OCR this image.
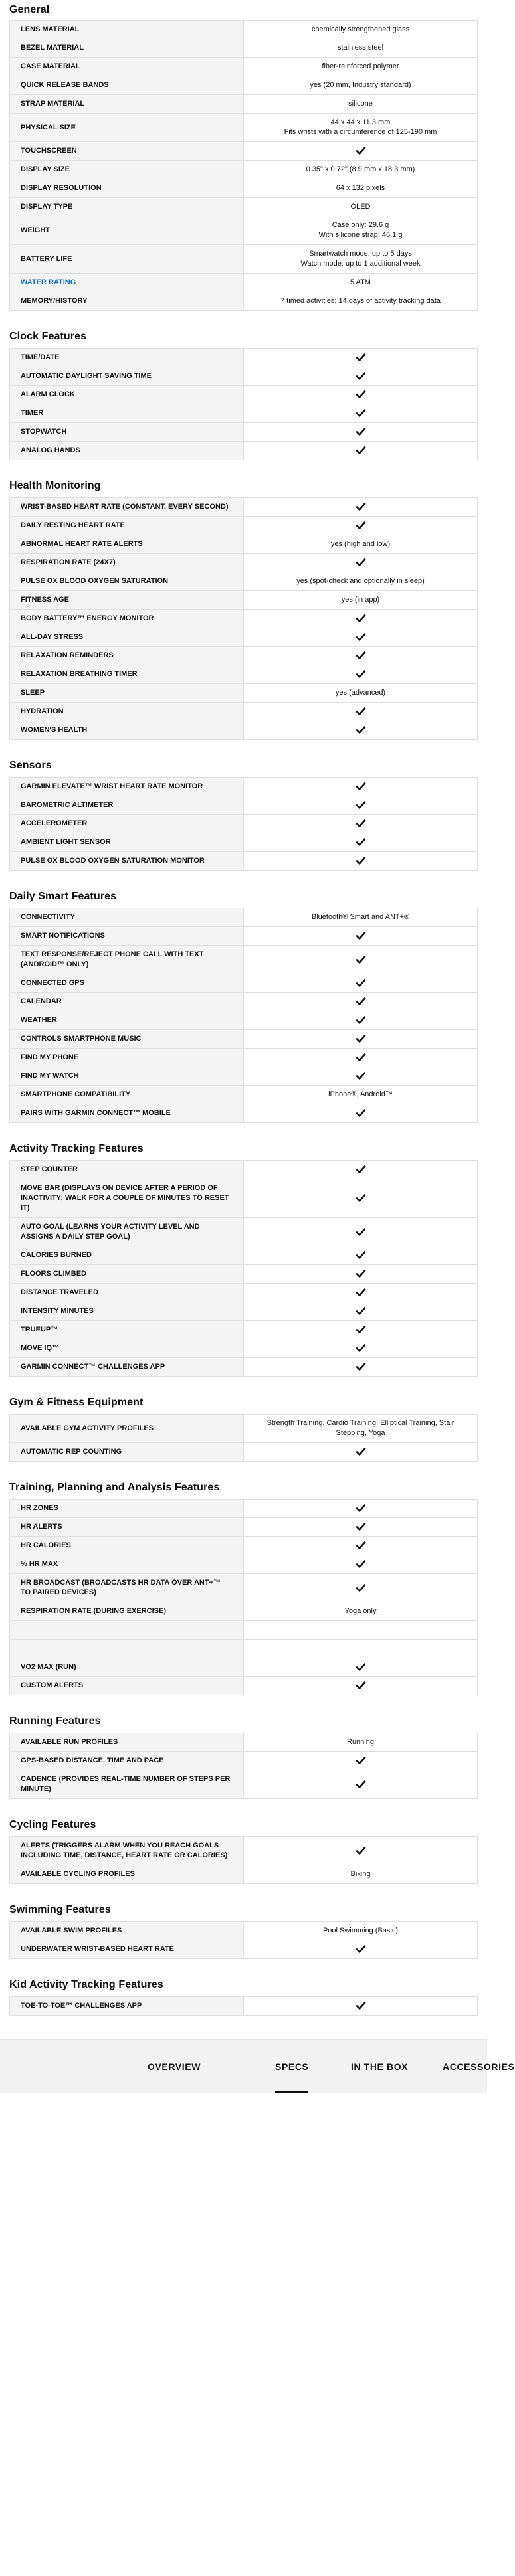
General
LENS MATERIAL	chemically strengthened glass
BEZEL MATERIAL	stainless steel
CASE MATERIAL	fiber-reinforced polymer
QUICK RELEASE BANDS	yes (20 mm, Industry standard)
STRAP MATERIAL	silicone
PHYSICAL SIZE	44 x 44 x 11.3 mm
Fits wrists with a circumference of 125-190 mm

TOUCHSCREEN	
DISPLAY SIZE	0.35" x 0.72" (8.9 mm x 18.3 mm)
DISPLAY RESOLUTION	64 x 132 pixels
DISPLAY TYPE	OLED
WEIGHT	Case only: 29.6 g
With silicone strap: 46.1 g

BATTERY LIFE	Smartwatch mode: up to 5 days
Watch mode: up to 1 additional week

WATER RATING	5 ATM
MEMORY/HISTORY	7 timed activities; 14 days of activity tracking data
Clock Features
TIME/DATE	
AUTOMATIC DAYLIGHT SAVING TIME	
ALARM CLOCK	
TIMER	
STOPWATCH	
ANALOG HANDS	
Health Monitoring
WRIST-BASED HEART RATE (CONSTANT, EVERY SECOND)	
DAILY RESTING HEART RATE	
ABNORMAL HEART RATE ALERTS	yes (high and low)
RESPIRATION RATE (24X7)	
PULSE OX BLOOD OXYGEN SATURATION	yes (spot-check and optionally in sleep)
FITNESS AGE	yes (in app)
BODY BATTERY™ ENERGY MONITOR	
ALL-DAY STRESS	
RELAXATION REMINDERS	
RELAXATION BREATHING TIMER	
SLEEP	yes (advanced)
HYDRATION	
WOMEN'S HEALTH	
Sensors
GARMIN ELEVATE™ WRIST HEART RATE MONITOR	
BAROMETRIC ALTIMETER	
ACCELEROMETER	
AMBIENT LIGHT SENSOR	
PULSE OX BLOOD OXYGEN SATURATION MONITOR	
Daily Smart Features
CONNECTIVITY	Bluetooth® Smart and ANT+®
SMART NOTIFICATIONS	
TEXT RESPONSE/REJECT PHONE CALL WITH TEXT (ANDROID™ ONLY)	
CONNECTED GPS	
CALENDAR	
WEATHER	
CONTROLS SMARTPHONE MUSIC	
FIND MY PHONE	
FIND MY WATCH	
SMARTPHONE COMPATIBILITY	iPhone®, Android™
PAIRS WITH GARMIN CONNECT™ MOBILE	
Activity Tracking Features
STEP COUNTER	
MOVE BAR (DISPLAYS ON DEVICE AFTER A PERIOD OF INACTIVITY; WALK FOR A COUPLE OF MINUTES TO RESET IT)	
AUTO GOAL (LEARNS YOUR ACTIVITY LEVEL AND ASSIGNS A DAILY STEP GOAL)	
CALORIES BURNED	
FLOORS CLIMBED	
DISTANCE TRAVELED	
INTENSITY MINUTES	
TRUEUP™	
MOVE IQ™	
GARMIN CONNECT™ CHALLENGES APP	
Gym & Fitness Equipment
AVAILABLE GYM ACTIVITY PROFILES	Strength Training, Cardio Training, Elliptical Training, Stair Stepping, Yoga
AUTOMATIC REP COUNTING	
Training, Planning and Analysis Features
HR ZONES	
HR ALERTS	
HR CALORIES	
% HR MAX	
HR BROADCAST (BROADCASTS HR DATA OVER ANT+™ TO PAIRED DEVICES)	
RESPIRATION RATE (DURING EXERCISE)	Yoga only

VO2 MAX (RUN)	
CUSTOM ALERTS	
Running Features
AVAILABLE RUN PROFILES	Running
GPS-BASED DISTANCE, TIME AND PACE	
CADENCE (PROVIDES REAL-TIME NUMBER OF STEPS PER MINUTE)	
Cycling Features
ALERTS (TRIGGERS ALARM WHEN YOU REACH GOALS INCLUDING TIME, DISTANCE, HEART RATE OR CALORIES)	
AVAILABLE CYCLING PROFILES	Biking
Swimming Features
AVAILABLE SWIM PROFILES	Pool Swimming (Basic)
UNDERWATER WRIST-BASED HEART RATE	
Kid Activity Tracking Features
TOE-TO-TOE™ CHALLENGES APP	
OVERVIEW	SPECS	IN THE BOX	ACCESSORIES
